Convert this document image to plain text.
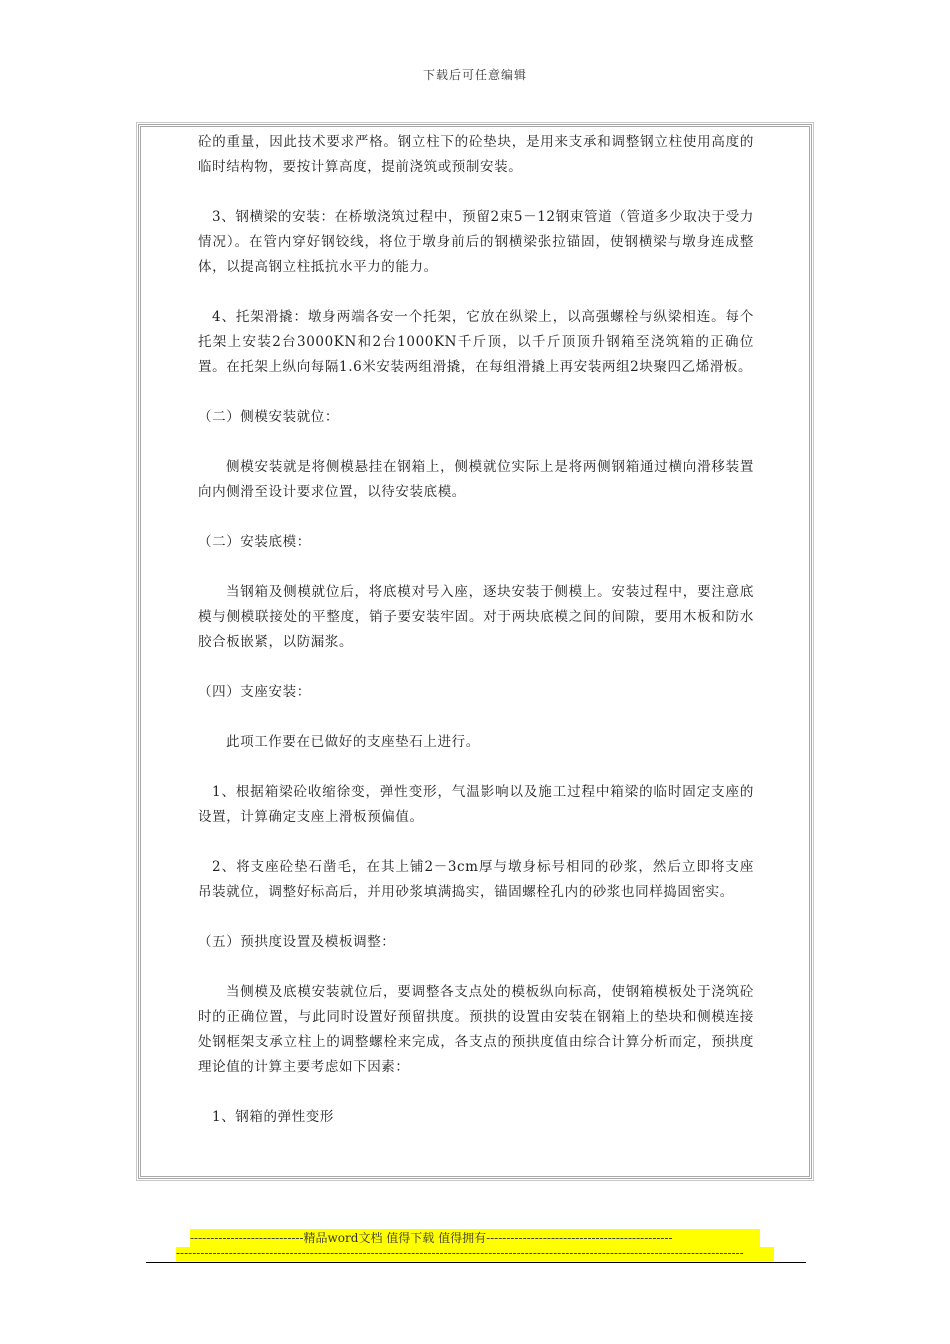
下载后可任意编辑

砼的重量，因此技术要求严格。钢立柱下的砼垫块，是用来支承和调整钢立柱使用高度的临时结构物，要按计算高度，提前浇筑或预制安装。

3、钢横梁的安装：在桥墩浇筑过程中，预留2束5－12钢束管道（管道多少取决于受力情况）。在管内穿好钢铰线，将位于墩身前后的钢横梁张拉锚固，使钢横梁与墩身连成整体，以提高钢立柱抵抗水平力的能力。

4、托架滑撬：墩身两端各安一个托架，它放在纵梁上，以高强螺栓与纵梁相连。每个托架上安装2台3000KN和2台1000KN千斤顶，以千斤顶顶升钢箱至浇筑箱的正确位置。在托架上纵向每隔1.6米安装两组滑撬，在每组滑撬上再安装两组2块聚四乙烯滑板。

（二）侧模安装就位：

侧模安装就是将侧模悬挂在钢箱上，侧模就位实际上是将两侧钢箱通过横向滑移装置向内侧滑至设计要求位置，以待安装底模。

（二）安装底模：

当钢箱及侧模就位后，将底模对号入座，逐块安装于侧模上。安装过程中，要注意底模与侧模联接处的平整度，销子要安装牢固。对于两块底模之间的间隙，要用木板和防水胶合板嵌紧，以防漏浆。

（四）支座安装：

此项工作要在已做好的支座垫石上进行。

1、根据箱梁砼收缩徐变，弹性变形，气温影响以及施工过程中箱梁的临时固定支座的设置，计算确定支座上滑板预偏值。

2、将支座砼垫石凿毛，在其上铺2－3cm厚与墩身标号相同的砂浆，然后立即将支座吊装就位，调整好标高后，并用砂浆填满捣实，锚固螺栓孔内的砂浆也同样捣固密实。

（五）预拱度设置及模板调整：

当侧模及底模安装就位后，要调整各支点处的模板纵向标高，使钢箱模板处于浇筑砼时的正确位置，与此同时设置好预留拱度。预拱的设置由安装在钢箱上的垫块和侧模连接处钢框架支承立柱上的调整螺栓来完成，各支点的预拱度值由综合计算分析而定，预拱度理论值的计算主要考虑如下因素：

1、钢箱的弹性变形

----------------------------精品word文档 值得下载 值得拥有----------------------------------------------
--------------------------------------------------------------------------------------------------------------------------------------------
